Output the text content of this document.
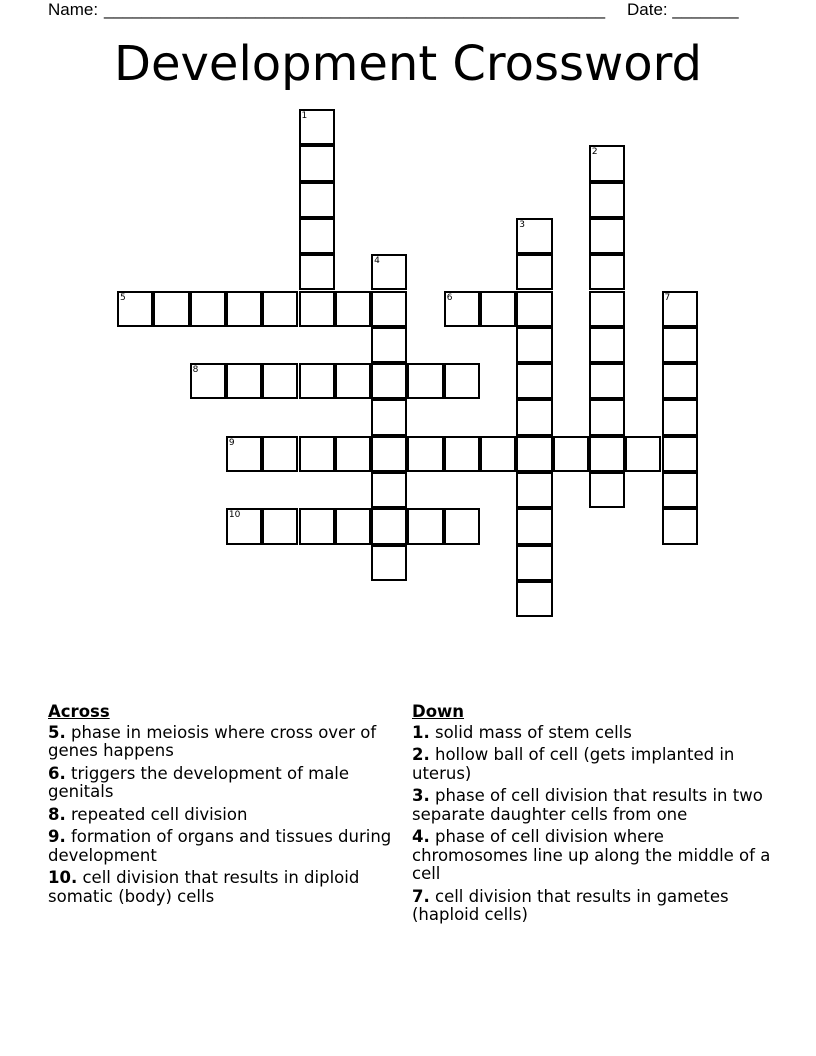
Name: _____________________________________________________ Date: _______
Development Crossword
1
2
3
4
5	6	7
8
9
10
Across
5. phase in meiosis where cross over of genes happens
6. triggers the development of male genitals
8. repeated cell division
9. formation of organs and tissues during development
10. cell division that results in diploid somatic (body) cells
Down
1. solid mass of stem cells
2. hollow ball of cell (gets implanted in uterus)
3. phase of cell division that results in two separate daughter cells from one
4. phase of cell division where chromosomes line up along the middle of a cell
7. cell division that results in gametes (haploid cells)
